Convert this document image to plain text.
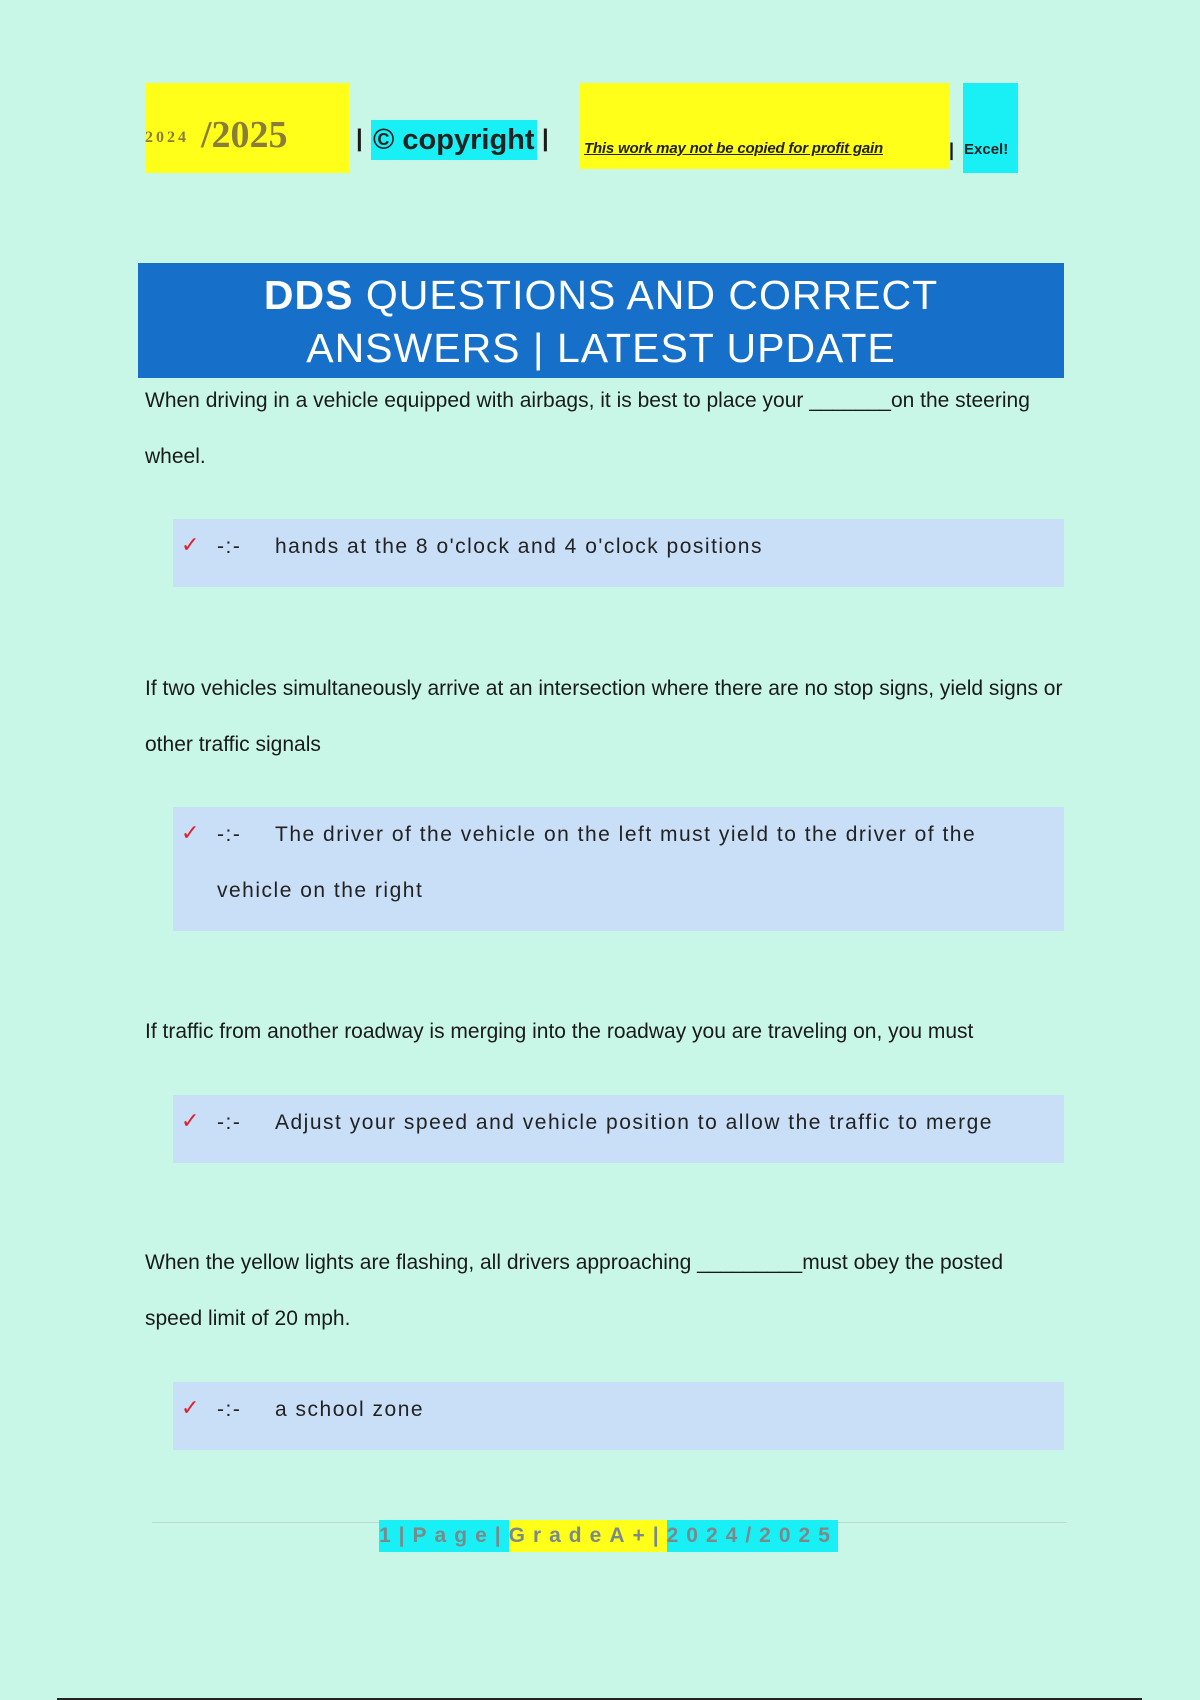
2024 /2025	| © copyright | This work may not be copied for profit gain	| Excel!
DDS QUESTIONS AND CORRECT
ANSWERS | LATEST UPDATE
When driving in a vehicle equipped with airbags, it is best to place your _______on the steering wheel.
✓ -:- hands at the 8 o'clock and 4 o'clock positions
If two vehicles simultaneously arrive at an intersection where there are no stop signs, yield signs or other traffic signals
✓ -:- The driver of the vehicle on the left must yield to the driver of the vehicle on the right
If traffic from another roadway is merging into the roadway you are traveling on, you must
✓ -:- Adjust your speed and vehicle position to allow the traffic to merge
When the yellow lights are flashing, all drivers approaching _________must obey the posted speed limit of 20 mph.
✓ -:- a school zone
1|Page|GradeA+|2024/2025
